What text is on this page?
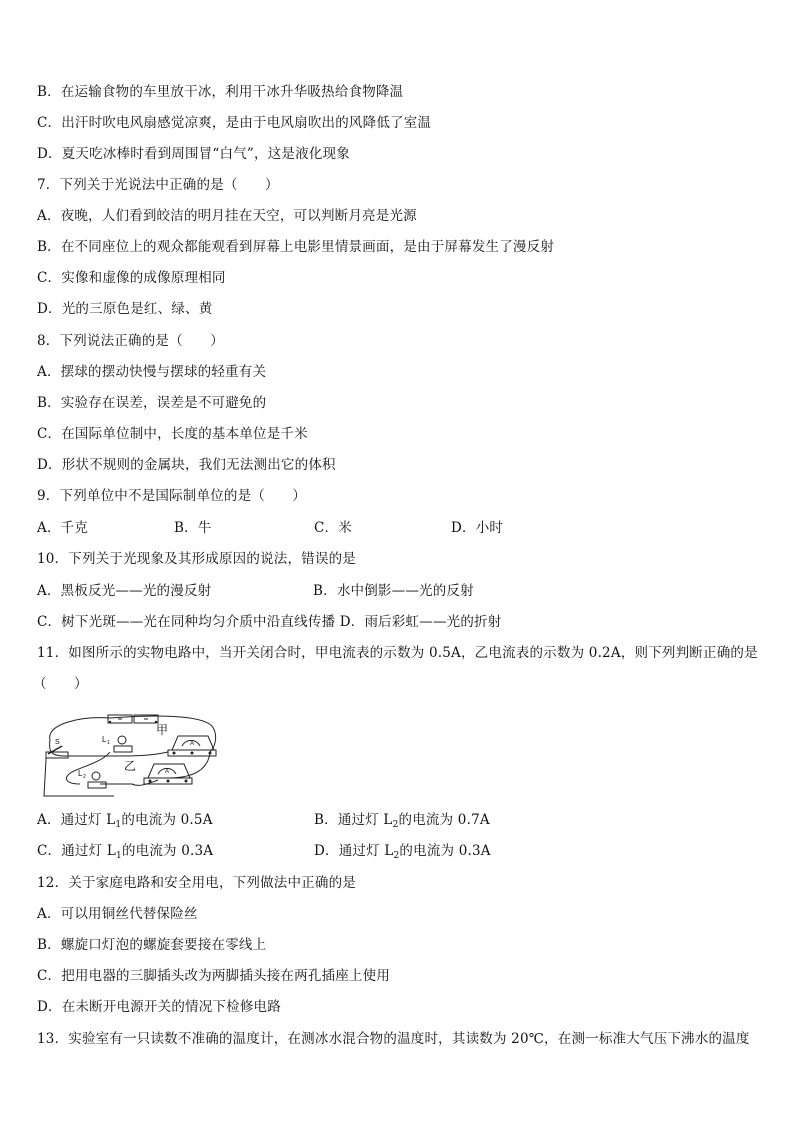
B．在运输食物的车里放干冰，利用干冰升华吸热给食物降温
C．出汗时吹电风扇感觉凉爽，是由于电风扇吹出的风降低了室温
D．夏天吃冰棒时看到周围冒“白气”，这是液化现象
7．下列关于光说法中正确的是（　　）
A．夜晚，人们看到皎洁的明月挂在天空，可以判断月亮是光源
B．在不同座位上的观众都能观看到屏幕上电影里情景画面，是由于屏幕发生了漫反射
C．实像和虚像的成像原理相同
D．光的三原色是红、绿、黄
8．下列说法正确的是（　　）
A．摆球的摆动快慢与摆球的轻重有关
B．实验存在误差，误差是不可避免的
C．在国际单位制中，长度的基本单位是千米
D．形状不规则的金属块，我们无法测出它的体积
9．下列单位中不是国际制单位的是（　　）
A．千克	B．牛	C．米	D．小时
10．下列关于光现象及其形成原因的说法，错误的是
A．黑板反光——光的漫反射	B．水中倒影——光的反射
C．树下光斑——光在同种均匀介质中沿直线传播 D．雨后彩虹——光的折射
11．如图所示的实物电路中，当开关闭合时，甲电流表的示数为 0.5A，乙电流表的示数为 0.2A，则下列判断正确的是
（　　）
甲
乙
S	L 1
L 2
A
A
A．通过灯 $L_1$的电流为 0.5A	B．通过灯 $L_2$的电流为 0.7A
C．通过灯 $L_1$的电流为 0.3A	D．通过灯 $L_2$的电流为 0.3A
12．关于家庭电路和安全用电，下列做法中正确的是
A．可以用铜丝代替保险丝
B．螺旋口灯泡的螺旋套要接在零线上
C．把用电器的三脚插头改为两脚插头接在两孔插座上使用
D．在未断开电源开关的情况下检修电路
13．实验室有一只读数不准确的温度计，在测冰水混合物的温度时，其读数为 20℃，在测一标准大气压下沸水的温度
